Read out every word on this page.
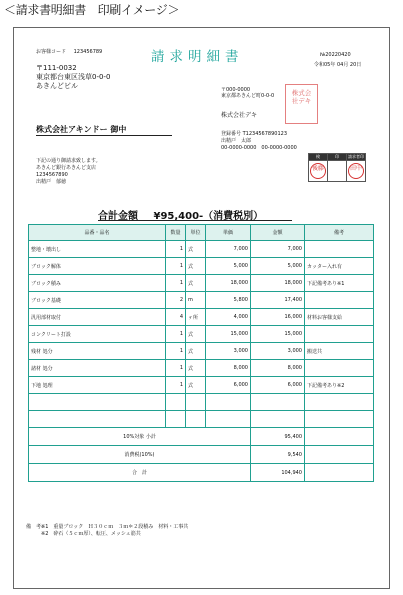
＜請求書明細書　印刷イメージ＞
お客様コード 123456789	請求明細書	№20220420
令和05年 04月 20日
〒111-0032
東京都台東区浅草0-0-0
あきんどビル
株式会社アキンドー 御中
〒000-0000
東京都あきんど町0-0-0
株式会社デキ
登録番号 T1234567890123
出精戸　太郎
00-0000-0000　00-0000-0000
株式会社デキ
下記の通り御請求致します。
あきんど銀行あきんど支店
1234567890
出精戸　郁徳
検	印	請求者印
後藤		田中
合計金額 ¥95,400-（消費税別）
品番・品名	数量	単位	単価	金額	備考
整地・壊出し	1	式	7,000	7,000	
ブロック解体	1	式	5,000	5,000	カッター入れ有
ブロック積み	1	式	18,000	18,000	下記備考あり※1
ブロック基礎	2	m	5,800	17,400	
汎用部材取付	4	ヶ所	4,000	16,000	材料お客様支給
コンクリート打設	1	式	15,000	15,000	
残材 処分	1	式	3,000	3,000	搬送共
諸材 処分	1	式	8,000	8,000	
下地 処理	1	式	6,000	6,000	下記備考あり※2

10%対象 小計				95,400	
消費税(10%)				9,540	
合　計				104,940	
備　考：
※1　重量ブロック　Ｈ３０ｃｍ　３ｍ＊２段積み　材料・工事共
※2　砕石（５ｃｍ厚）、転圧、メッシュ筋共
